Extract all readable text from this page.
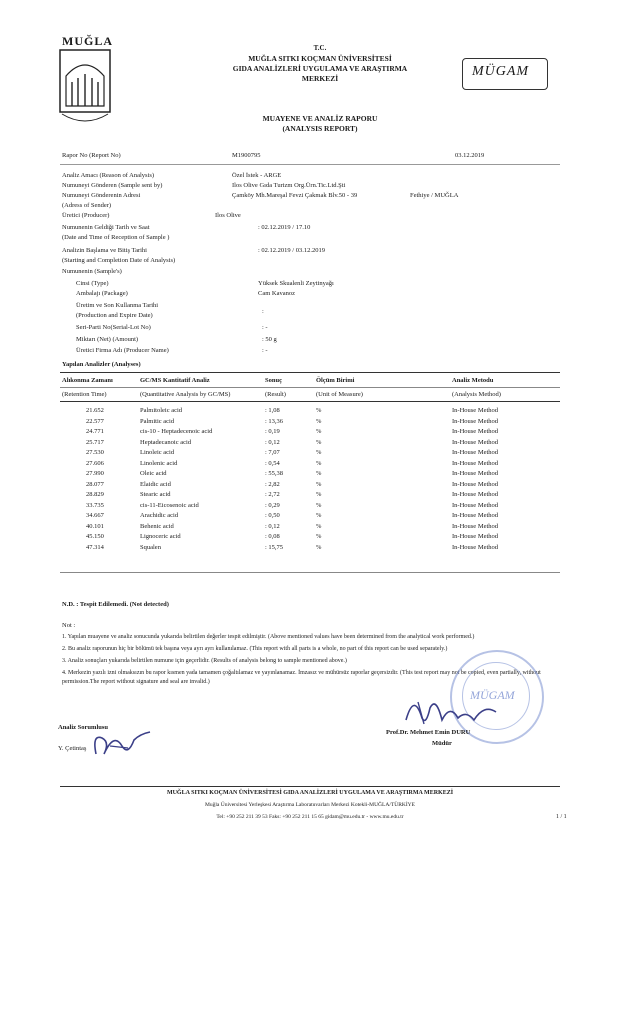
MUĞLA	T.C.
MUĞLA SITKI KOÇMAN ÜNİVERSİTESİ
GIDA ANALİZLERİ UYGULAMA VE ARAŞTIRMA
MERKEZİ	MÜGAM
MUAYENE VE ANALİZ RAPORU
(ANALYSIS REPORT)
Rapor No (Report No)	M1900795	03.12.2019
Analiz Amacı (Reason of Analysis)	Özel İstek - ARGE
Numuneyi Gönderen (Sample sent by)	Ilos Olive Gıda Turizm Org.Ürn.Tic.Ltd.Şti
Numuneyi Gönderenin Adresi	Çamköy Mh.Mareşal Fevzi Çakmak Blv.50 - 39	Fethiye / MUĞLA
(Adress of Sender)
Üretici (Producer)	Ilos Olive
Numunenin Geldiği Tarih ve Saat	: 02.12.2019 / 17.10
(Date and Time of Reception of Sample )
Analizin Başlama ve Bitiş Tarihi	: 02.12.2019 / 03.12.2019
(Starting and Completion Date of Analysis)
Numunenin (Sample's)
Cinsi (Type)	Yüksek Skualenli Zeytinyağı
Ambalajı (Package)	Cam Kavanoz
Üretim ve Son Kullanma Tarihi
:
(Production and Expire Date)
Seri-Parti No(Serial-Lot No)	: -
Miktarı (Net) (Amount)	: 50 g
Üretici Firma Adı (Producer Name)	: -
Yapılan Analizler (Analyses)
Alıkonma Zamanı	GC/MS Kantitatif Analiz	Sonuç	Ölçüm Birimi	Analiz Metodu
(Retention Time)	(Quantitative Analysis by GC/MS)	(Result)	(Unit of Measure)	(Analysis Method)
21.652	Palmitoleic acid	: 1,08	%	In-House Method
22.577	Palmitic acid	: 13,36	%	In-House Method
24.771	cis-10 - Heptadecenoic acid	: 0,19	%	In-House Method
25.717	Heptadecanoic acid	: 0,12	%	In-House Method
27.530	Linoleic acid	: 7,07	%	In-House Method
27.606	Linolenic acid	: 0,54	%	In-House Method
27.990	Oleic acid	: 55,38	%	In-House Method
28.077	Elaidic acid	: 2,82	%	In-House Method
28.829	Stearic acid	: 2,72	%	In-House Method
33.735	cis-11-Eicosenoic acid	: 0,29	%	In-House Method
34.667	Arachidic acid	: 0,50	%	In-House Method
40.101	Behenic acid	: 0,12	%	In-House Method
45.150	Lignoceric acid	: 0,08	%	In-House Method
47.314	Squalen	: 15,75	%	In-House Method
N.D. : Tespit Edilemedi. (Not detected)
Not :
1. Yapılan muayene ve analiz sonucunda yukarıda belirtilen değerler tespit edilmiştir. (Above mentioned values have been determined from the analytical work performed.)
2. Bu analiz raporunun hiç bir bölümü tek başına veya ayrı ayrı kullanılamaz. (This report with all parts is a whole, no part of this report can be used separately.)
3. Analiz sonuçları yukarıda belirtilen numune için geçerlidir. (Results of analysis belong to sample mentioned above.)
4. Merkezin yazılı izni olmaksızın bu rapor kısmen yada tamamen çoğaltılamaz ve yayınlanamaz. İmzasız ve mühürsüz raporlar geçersizdir. (This test report may not be copied, even partially, without
permission.The report without signature and seal are invalid.)
MÜGAM
Prof.Dr. Mehmet Emin DURU
Müdür
Analiz Sorumlusu
Y. Çetintaş
MUĞLA SITKI KOÇMAN ÜNİVERSİTESİ GIDA ANALİZLERİ UYGULAMA VE ARAŞTIRMA MERKEZİ
Muğla Üniversitesi Yerleşkesi Araştırma Laboratuvarları Merkezi Kotekli-MUĞLA/TÜRKİYE
Tel: +90 252 211 39 53 Faks: +90 252 211 15 65 gidam@mu.edu.tr - www.mu.edu.tr	1 / 1
